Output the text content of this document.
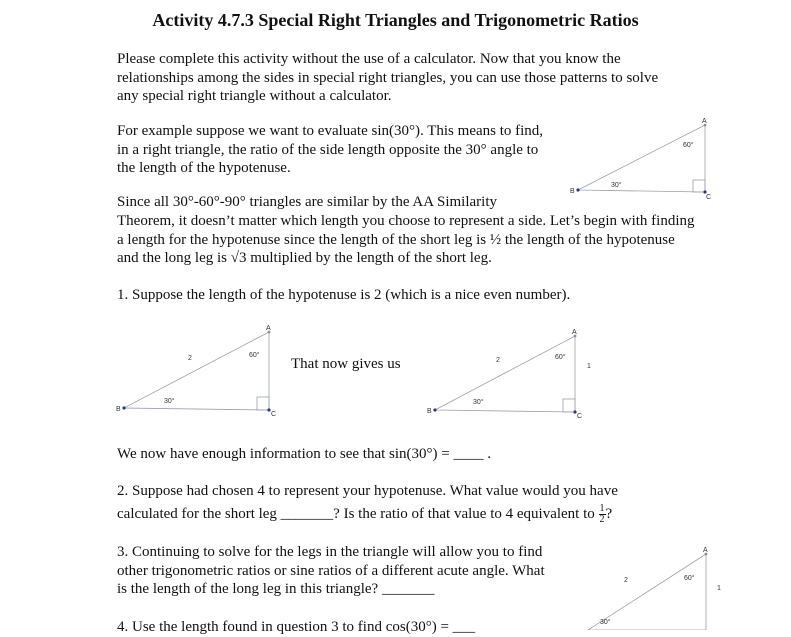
Activity 4.7.3 Special Right Triangles and Trigonometric Ratios

Please complete this activity without the use of a calculator. Now that you know the relationships among the sides in special right triangles, you can use those patterns to solve any special right triangle without a calculator.

For example suppose we want to evaluate sin(30°). This means to find, in a right triangle, the ratio of the side length opposite the 30° angle to the length of the hypotenuse.

Since all 30°-60°-90° triangles are similar by the AA Similarity

Theorem, it doesn’t matter which length you choose to represent a side. Let’s begin with finding a length for the hypotenuse since the length of the short leg is ½ the length of the hypotenuse and the long leg is √3 multiplied by the length of the short leg.

1. Suppose the length of the hypotenuse is 2 (which is a nice even number).

B
C
A
30°
60°
B
C
A
30°
60°
2	That now gives us
B
C
A
30°
60°
2
1

We now have enough information to see that sin(30°) = ____ .

2. Suppose had chosen 4 to represent your hypotenuse. What value would you have
calculated for the short leg _______? Is the ratio of that value to 4 equivalent to $\frac{1}{2}$ ?

3. Continuing to solve for the legs in the triangle will allow you to find other trigonometric ratios or sine ratios of a different acute angle. What is the length of the long leg in this triangle? _______

A
30°
60°
2
1

4. Use the length found in question 3 to find cos(30°) = ___
